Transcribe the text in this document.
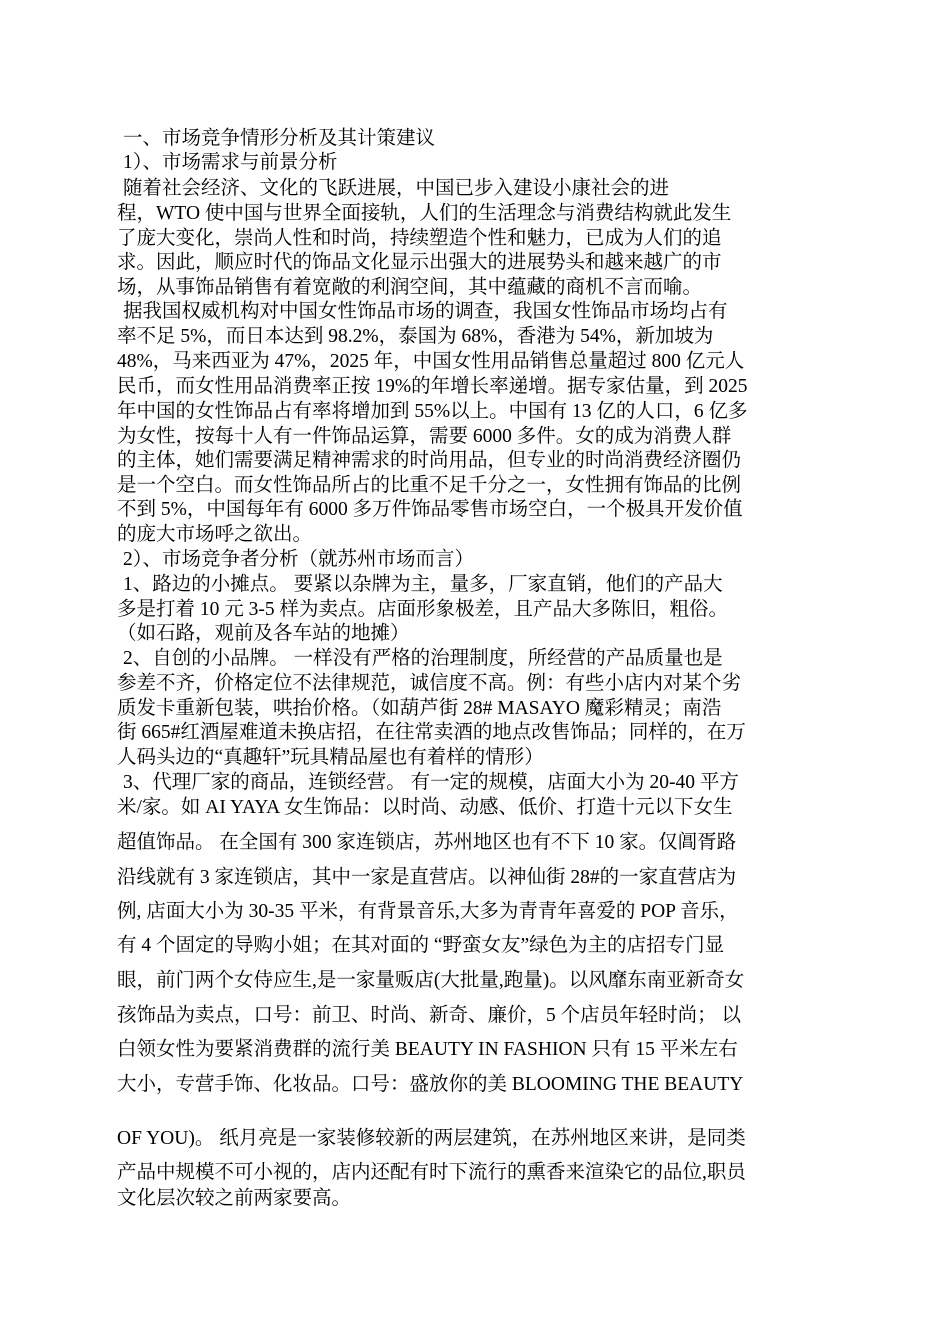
一、市场竞争情形分析及其计策建议
1）、市场需求与前景分析
随着社会经济、文化的飞跃进展，中国已步入建设小康社会的进
程，WTO 使中国与世界全面接轨，人们的生活理念与消费结构就此发生
了庞大变化，崇尚人性和时尚，持续塑造个性和魅力，已成为人们的追
求。因此，顺应时代的饰品文化显示出强大的进展势头和越来越广的市
场，从事饰品销售有着宽敞的利润空间，其中蕴藏的商机不言而喻。
据我国权威机构对中国女性饰品市场的调查，我国女性饰品市场均占有
率不足 5%，而日本达到 98.2%，泰国为 68%，香港为 54%，新加坡为
48%，马来西亚为 47%，2025 年，中国女性用品销售总量超过 800 亿元人
民币，而女性用品消费率正按 19%的年增长率递增。据专家估量，到 2025
年中国的女性饰品占有率将增加到 55%以上。中国有 13 亿的人口，6 亿多
为女性，按每十人有一件饰品运算，需要 6000 多件。女的成为消费人群
的主体，她们需要满足精神需求的时尚用品，但专业的时尚消费经济圈仍
是一个空白。而女性饰品所占的比重不足千分之一，女性拥有饰品的比例
不到 5%，中国每年有 6000 多万件饰品零售市场空白，一个极具开发价值
的庞大市场呼之欲出。
2）、市场竞争者分析（就苏州市场而言）
1、路边的小摊点。 要紧以杂牌为主，量多，厂家直销，他们的产品大
多是打着 10 元 3-5 样为卖点。店面形象极差，且产品大多陈旧，粗俗。
（如石路，观前及各车站的地摊）
2、自创的小品牌。 一样没有严格的治理制度，所经营的产品质量也是
参差不齐，价格定位不法律规范，诚信度不高。例：有些小店内对某个劣
质发卡重新包装，哄抬价格。（如葫芦街 28# MASAYO 魔彩精灵；南浩
街 665#红酒屋难道未换店招，在往常卖酒的地点改售饰品；同样的，在万
人码头边的“真趣轩”玩具精品屋也有着样的情形）
3、代理厂家的商品，连锁经营。 有一定的规模，店面大小为 20-40 平方
米/家。如 AI YAYA 女生饰品：以时尚、动感、低价、打造十元以下女生
超值饰品。 在全国有 300 家连锁店，苏州地区也有不下 10 家。仅阊胥路
沿线就有 3 家连锁店，其中一家是直营店。以神仙街 28#的一家直营店为
例, 店面大小为 30-35 平米，有背景音乐,大多为青青年喜爱的 POP 音乐，
有 4 个固定的导购小姐；在其对面的 “野蛮女友”绿色为主的店招专门显
眼，前门两个女侍应生,是一家量贩店(大批量,跑量)。以风靡东南亚新奇女
孩饰品为卖点，口号：前卫、时尚、新奇、廉价，5 个店员年轻时尚； 以
白领女性为要紧消费群的流行美 BEAUTY IN FASHION 只有 15 平米左右
大小，专营手饰、化妆品。口号：盛放你的美 BLOOMING THE BEAUTY
OF YOU)。 纸月亮是一家装修较新的两层建筑，在苏州地区来讲，是同类
产品中规模不可小视的，店内还配有时下流行的熏香来渲染它的品位,职员
文化层次较之前两家要高。
